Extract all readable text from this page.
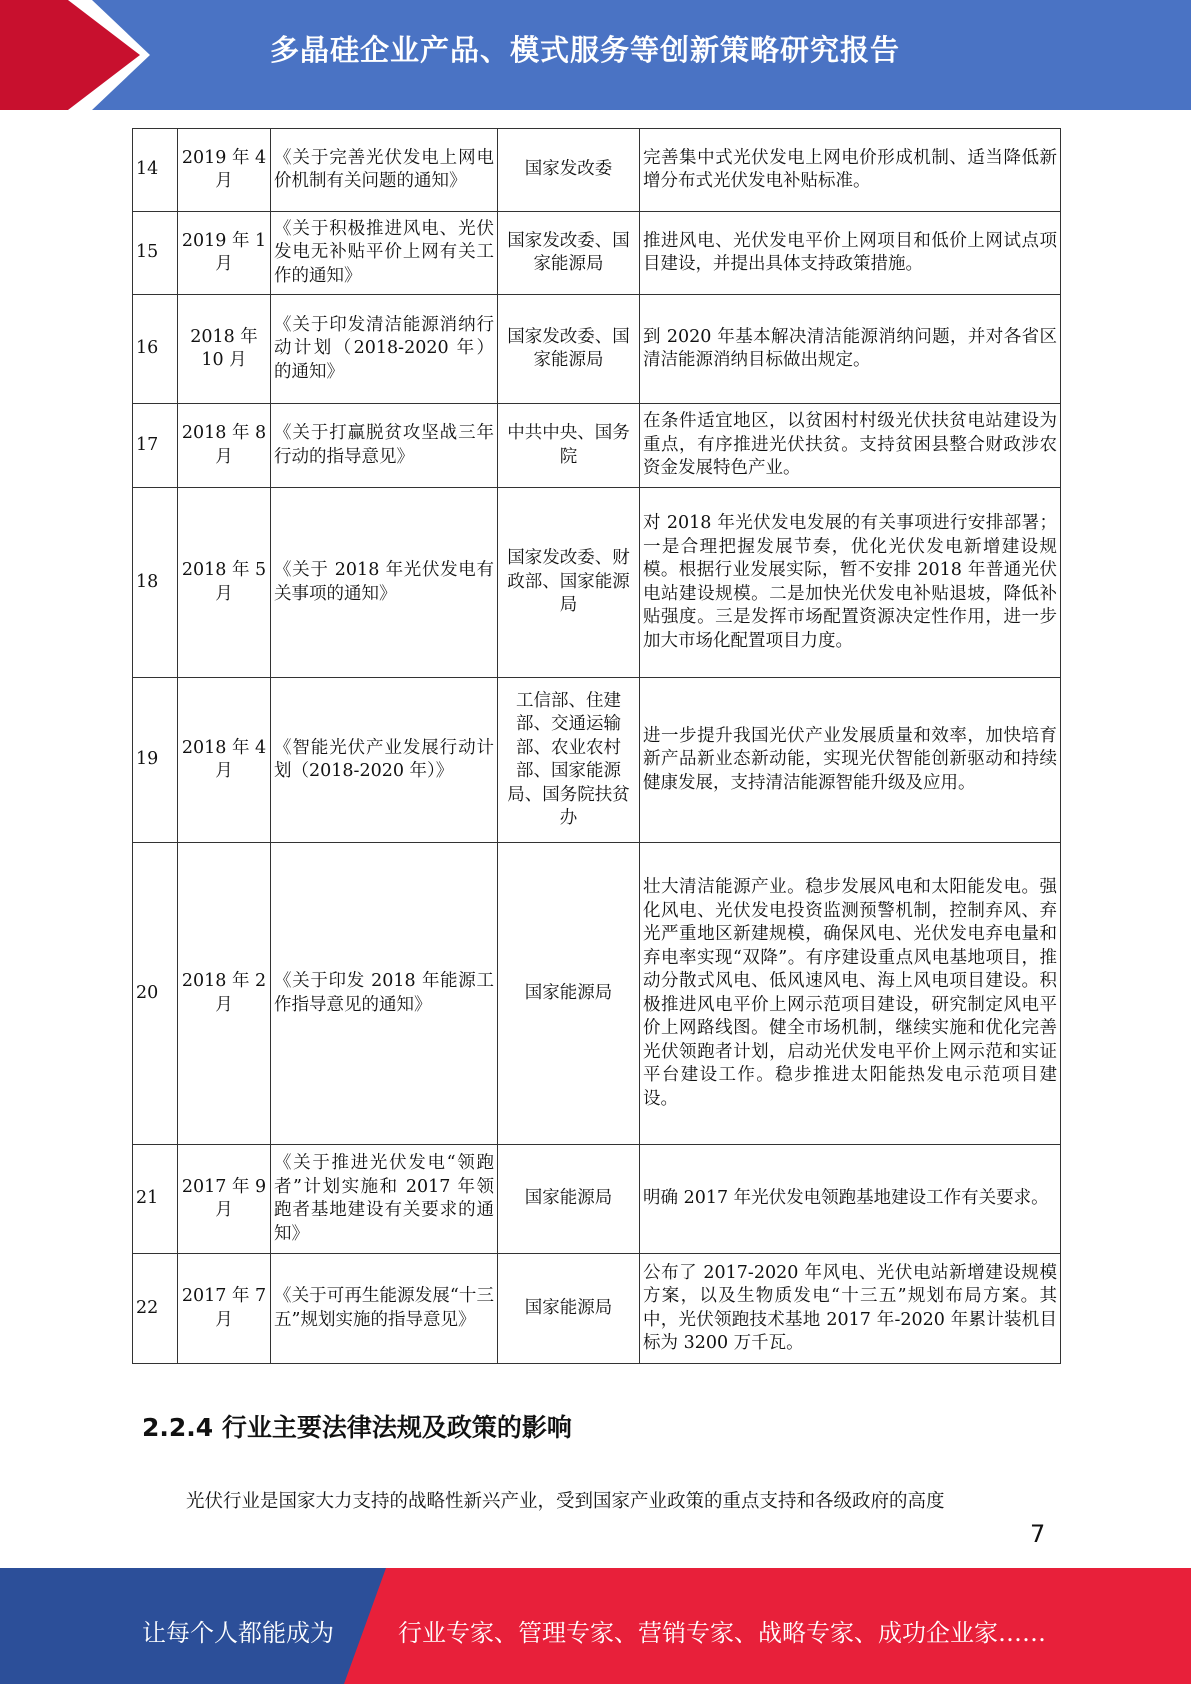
多晶硅企业产品、模式服务等创新策略研究报告
14	2019 年 4 月	《关于完善光伏发电上网电价机制有关问题的通知》	国家发改委	完善集中式光伏发电上网电价形成机制、适当降低新增分布式光伏发电补贴标准。
15	2019 年 1 月	《关于积极推进风电、光伏发电无补贴平价上网有关工作的通知》	国家发改委、国家能源局	推进风电、光伏发电平价上网项目和低价上网试点项目建设，并提出具体支持政策措施。
16	2018 年 10 月	《关于印发清洁能源消纳行动计划（2018-2020 年）的通知》	国家发改委、国家能源局	到 2020 年基本解决清洁能源消纳问题，并对各省区清洁能源消纳目标做出规定。
17	2018 年 8 月	《关于打赢脱贫攻坚战三年行动的指导意见》	中共中央、国务院	在条件适宜地区，以贫困村村级光伏扶贫电站建设为重点，有序推进光伏扶贫。支持贫困县整合财政涉农资金发展特色产业。
18	2018 年 5 月	《关于 2018 年光伏发电有关事项的通知》	国家发改委、财政部、国家能源局	对 2018 年光伏发电发展的有关事项进行安排部署；一是合理把握发展节奏，优化光伏发电新增建设规模。根据行业发展实际，暂不安排 2018 年普通光伏电站建设规模。二是加快光伏发电补贴退坡，降低补贴强度。三是发挥市场配置资源决定性作用，进一步加大市场化配置项目力度。
19	2018 年 4 月	《智能光伏产业发展行动计划（2018-2020 年）》	工信部、住建部、交通运输部、农业农村部、国家能源局、国务院扶贫办	进一步提升我国光伏产业发展质量和效率，加快培育新产品新业态新动能，实现光伏智能创新驱动和持续健康发展，支持清洁能源智能升级及应用。
20	2018 年 2 月	《关于印发 2018 年能源工作指导意见的通知》	国家能源局	壮大清洁能源产业。稳步发展风电和太阳能发电。强化风电、光伏发电投资监测预警机制，控制弃风、弃光严重地区新建规模，确保风电、光伏发电弃电量和弃电率实现“双降”。有序建设重点风电基地项目，推动分散式风电、低风速风电、海上风电项目建设。积极推进风电平价上网示范项目建设，研究制定风电平价上网路线图。健全市场机制，继续实施和优化完善光伏领跑者计划，启动光伏发电平价上网示范和实证平台建设工作。稳步推进太阳能热发电示范项目建设。
21	2017 年 9 月	《关于推进光伏发电“领跑者”计划实施和 2017 年领跑者基地建设有关要求的通知》	国家能源局	明确 2017 年光伏发电领跑基地建设工作有关要求。
22	2017 年 7 月	《关于可再生能源发展“十三五”规划实施的指导意见》	国家能源局	公布了 2017-2020 年风电、光伏电站新增建设规模方案，以及生物质发电“十三五”规划布局方案。其中，光伏领跑技术基地 2017 年-2020 年累计装机目标为 3200 万千瓦。
2.2.4 行业主要法律法规及政策的影响
光伏行业是国家大力支持的战略性新兴产业，受到国家产业政策的重点支持和各级政府的高度
7
让每个人都能成为	行业专家、管理专家、营销专家、战略专家、成功企业家……
